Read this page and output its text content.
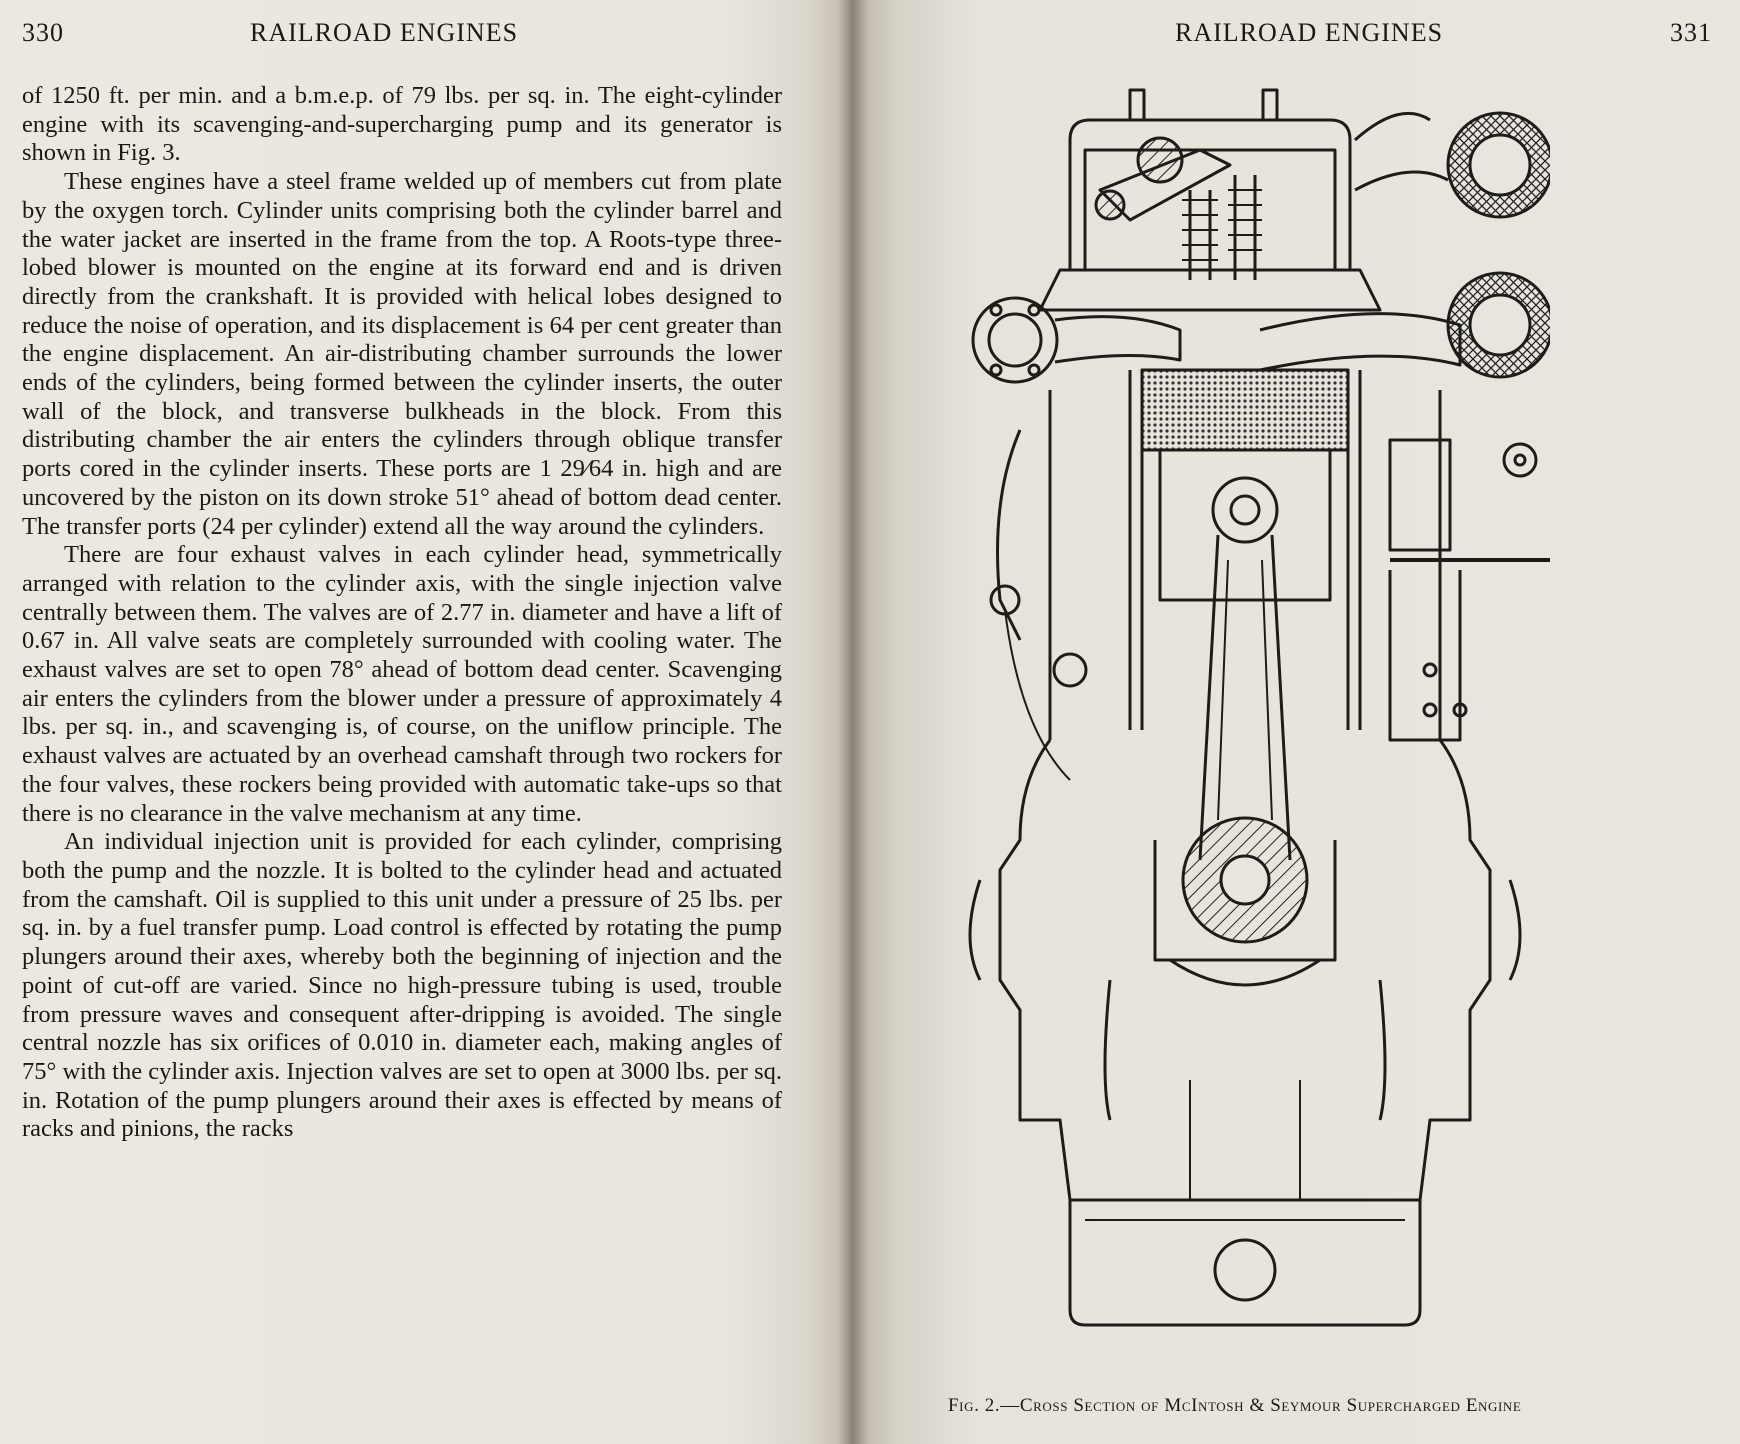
330	RAILROAD ENGINES

of 1250 ft. per min. and a b.m.e.p. of 79 lbs. per sq. in. The eight-cylinder engine with its scavenging-and-supercharging pump and its generator is shown in Fig. 3.

These engines have a steel frame welded up of members cut from plate by the oxygen torch. Cylinder units comprising both the cylinder barrel and the water jacket are inserted in the frame from the top. A Roots-type three-lobed blower is mounted on the engine at its forward end and is driven directly from the crankshaft. It is provided with helical lobes designed to reduce the noise of operation, and its displacement is 64 per cent greater than the engine displacement. An air-distributing chamber surrounds the lower ends of the cylinders, being formed between the cylinder inserts, the outer wall of the block, and transverse bulkheads in the block. From this distributing chamber the air enters the cylinders through oblique transfer ports cored in the cylinder inserts. These ports are 1 29⁄64 in. high and are uncovered by the piston on its down stroke 51° ahead of bottom dead center. The transfer ports (24 per cylinder) extend all the way around the cylinders.

There are four exhaust valves in each cylinder head, symmetrically arranged with relation to the cylinder axis, with the single injection valve centrally between them. The valves are of 2.77 in. diameter and have a lift of 0.67 in. All valve seats are completely surrounded with cooling water. The exhaust valves are set to open 78° ahead of bottom dead center. Scavenging air enters the cylinders from the blower under a pressure of approximately 4 lbs. per sq. in., and scavenging is, of course, on the uniflow principle. The exhaust valves are actuated by an overhead camshaft through two rockers for the four valves, these rockers being provided with automatic take-ups so that there is no clearance in the valve mechanism at any time.

An individual injection unit is provided for each cylinder, comprising both the pump and the nozzle. It is bolted to the cylinder head and actuated from the camshaft. Oil is supplied to this unit under a pressure of 25 lbs. per sq. in. by a fuel transfer pump. Load control is effected by rotating the pump plungers around their axes, whereby both the beginning of injection and the point of cut-off are varied. Since no high-pressure tubing is used, trouble from pressure waves and consequent after-dripping is avoided. The single central nozzle has six orifices of 0.010 in. diameter each, making angles of 75° with the cylinder axis. Injection valves are set to open at 3000 lbs. per sq. in. Rotation of the pump plungers around their axes is effected by means of racks and pinions, the racks

RAILROAD ENGINES	331
Fig. 2.—Cross Section of McIntosh & Seymour Supercharged Engine
